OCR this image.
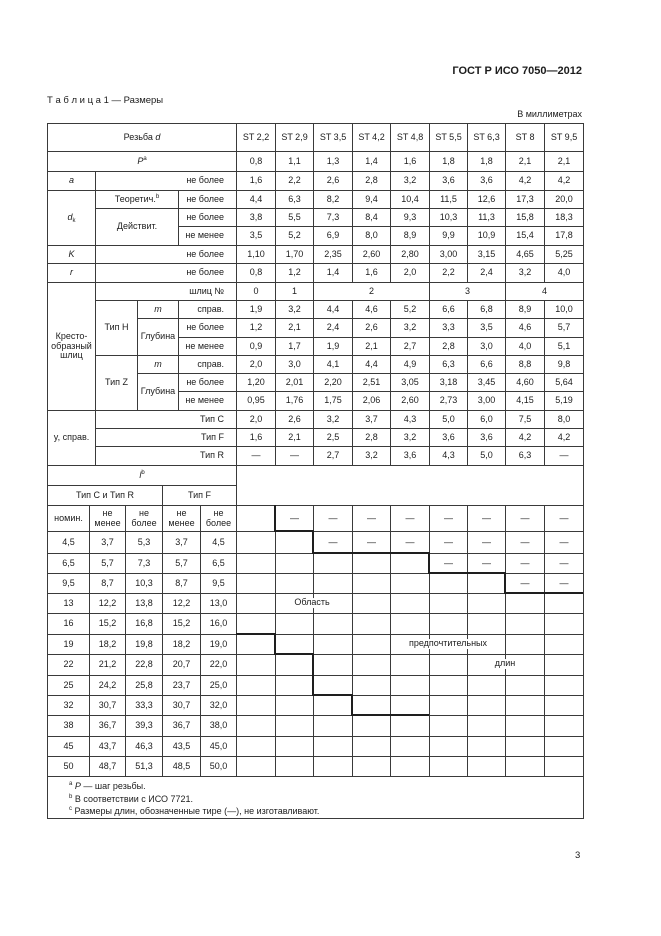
ГОСТ Р ИСО 7050—2012
Т а б л и ц а 1 — Размеры
В миллиметрах
Резьба d				ST 2,2	ST 2,9	ST 3,5	ST 4,2	ST 4,8	ST 5,5	ST 6,3	ST 8	ST 9,5
$P^a$				0,8	1,1	1,3	1,4	1,6	1,8	1,8	2,1	2,1
a	не более			1,6	2,2	2,6	2,8	3,2	3,6	3,6	4,2	4,2
$d_k$	Теоретич.$^b$		не более	4,4	6,3	8,2	9,4	10,4	11,5	12,6	17,3	20,0
	Действит.		не более	3,8	5,5	7,3	8,4	9,3	10,3	11,3	15,8	18,3
			не менее	3,5	5,2	6,9	8,0	8,9	9,9	10,9	15,4	17,8
K	не более			1,10	1,70	2,35	2,60	2,80	3,00	3,15	4,65	5,25
r	не более			0,8	1,2	1,4	1,6	2,0	2,2	2,4	3,2	4,0
Кресто-образный шлиц	шлиц №			0	1	2			3		4	
	Тип H	m	справ.	1,9	3,2	4,4	4,6	5,2	6,6	6,8	8,9	10,0
		Глубина	не более	1,2	2,1	2,4	2,6	3,2	3,3	3,5	4,6	5,7
			не менее	0,9	1,7	1,9	2,1	2,7	2,8	3,0	4,0	5,1
	Тип Z	m	справ.	2,0	3,0	4,1	4,4	4,9	6,3	6,6	8,8	9,8
		Глубина	не более	1,20	2,01	2,20	2,51	3,05	3,18	3,45	4,60	5,64
			не менее	0,95	1,76	1,75	2,06	2,60	2,73	3,00	4,15	5,19
y, справ.	Тип C			2,0	2,6	3,2	3,7	4,3	5,0	6,0	7,5	8,0
	Тип F			1,6	2,1	2,5	2,8	3,2	3,6	3,6	4,2	4,2
	Тип R			—	—	2,7	3,2	3,6	4,3	5,0	6,3	—
$l^b$	
Тип C и Тип R			Тип F										
номин.	не менее	не более	не менее	не более		—	—	—	—	—	—	—	—
4,5	3,7	5,3	3,7	4,5			—	—	—	—	—	—	—
6,5	5,7	7,3	5,7	6,5						—	—	—	—
9,5	8,7	10,3	8,7	9,5								—	—
13	12,2	13,8	12,2	13,0									
16	15,2	16,8	15,2	16,0									
19	18,2	19,8	18,2	19,0									
22	21,2	22,8	20,7	22,0									
25	24,2	25,8	23,7	25,0									
32	30,7	33,3	30,7	32,0									
38	36,7	39,3	36,7	38,0									
45	43,7	46,3	43,5	45,0									
50	48,7	51,3	48,5	50,0									

$^a$ P — шаг резьбы.
$^b$ В соответствии с ИСО 7721.
$^c$ Размеры длин, обозначенные тире (—), не изготавливают.													
Область
предпочтительных
длин
3
